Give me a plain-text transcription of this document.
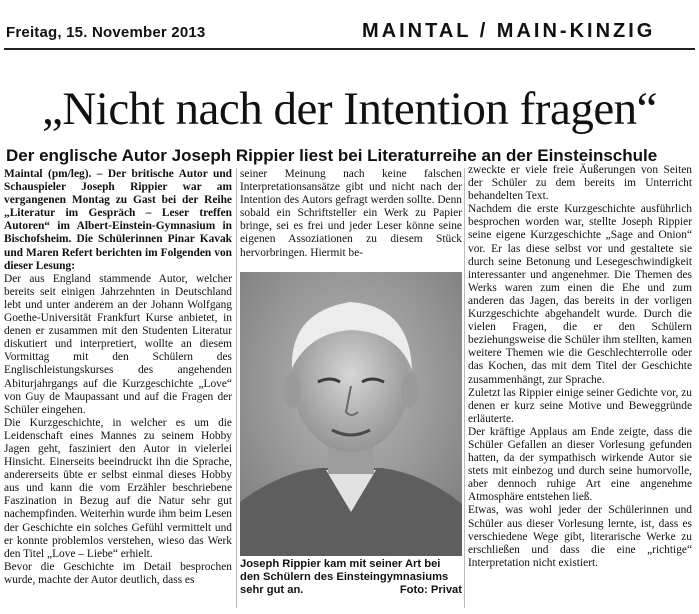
Freitag, 15. November 2013	MAINTAL / MAIN-KINZIG
„Nicht nach der Intention fragen“
Der englische Autor Joseph Rippier liest bei Literaturreihe an der Einsteinschule

Maintal (pm/leg). – Der britische Autor und Schauspieler Joseph Rippier war am vergangenen Montag zu Gast bei der Reihe „Literatur im Gespräch – Leser treffen Autoren“ im Albert-Einstein-Gymnasium in Bischofsheim. Die Schülerinnen Pinar Kavak und Maren Refert berichten im Folgenden von dieser Lesung:

Der aus England stammende Autor, welcher bereits seit einigen Jahrzehnten in Deutschland lebt und unter anderem an der Johann Wolfgang Goethe-Universität Frankfurt Kurse anbietet, in denen er zusammen mit den Studenten Literatur diskutiert und interpretiert, wollte an diesem Vormittag mit den Schülern des Englischleistungskurses des angehenden Abiturjahrgangs auf die Kurzgeschichte „Love“ von Guy de Maupassant und auf die Fragen der Schüler eingehen.

Die Kurzgeschichte, in welcher es um die Leidenschaft eines Mannes zu seinem Hobby Jagen geht, fasziniert den Autor in vielerlei Hinsicht. Einerseits beeindruckt ihn die Sprache, andererseits übte er selbst einmal dieses Hobby aus und kann die vom Erzähler beschriebene Faszination in Bezug auf die Natur sehr gut nachempfinden. Weiterhin wurde ihm beim Lesen der Geschichte ein solches Gefühl vermittelt und er konnte problemlos verstehen, wieso das Werk den Titel „Love – Liebe“ erhielt.

Bevor die Geschichte im Detail besprochen wurde, machte der Autor deutlich, dass es

seiner Meinung nach keine falschen Interpretationsansätze gibt und nicht nach der Intention des Autors gefragt werden sollte. Denn sobald ein Schriftsteller ein Werk zu Papier bringe, sei es frei und jeder Leser könne seine eigenen Assoziationen zu diesem Stück hervorbringen. Hiermit be-

Joseph Rippier kam mit seiner Art bei den Schülern des Einsteingymnasiums sehr gut an.	Foto: Privat

zweckte er viele freie Äußerungen von Seiten der Schüler zu dem bereits im Unterricht behandelten Text.

Nachdem die erste Kurzgeschichte ausführlich besprochen worden war, stellte Joseph Rippier seine eigene Kurzgeschichte „Sage and Onion“ vor. Er las diese selbst vor und gestaltete sie durch seine Betonung und Lesegeschwindigkeit interessanter und angenehmer. Die Themen des Werks waren zum einen die Ehe und zum anderen das Jagen, das bereits in der vorligen Kurzgeschichte abgehandelt wurde. Durch die vielen Fragen, die er den Schülern beziehungsweise die Schüler ihm stellten, kamen weitere Themen wie die Geschlechterrolle oder das Kochen, das mit dem Titel der Geschichte zusammenhängt, zur Sprache.

Zuletzt las Rippier einige seiner Gedichte vor, zu denen er kurz seine Motive und Beweggründe erläuterte.

Der kräftige Applaus am Ende zeigte, dass die Schüler Gefallen an dieser Vorlesung gefunden hatten, da der sympathisch wirkende Autor sie stets mit einbezog und durch seine humorvolle, aber dennoch ruhige Art eine angenehme Atmosphäre entstehen ließ.

Etwas, was wohl jeder der Schülerinnen und Schüler aus dieser Vorlesung lernte, ist, dass es verschiedene Wege gibt, literarische Werke zu erschließen und dass die eine „richtige“ Interpretation nicht existiert.
